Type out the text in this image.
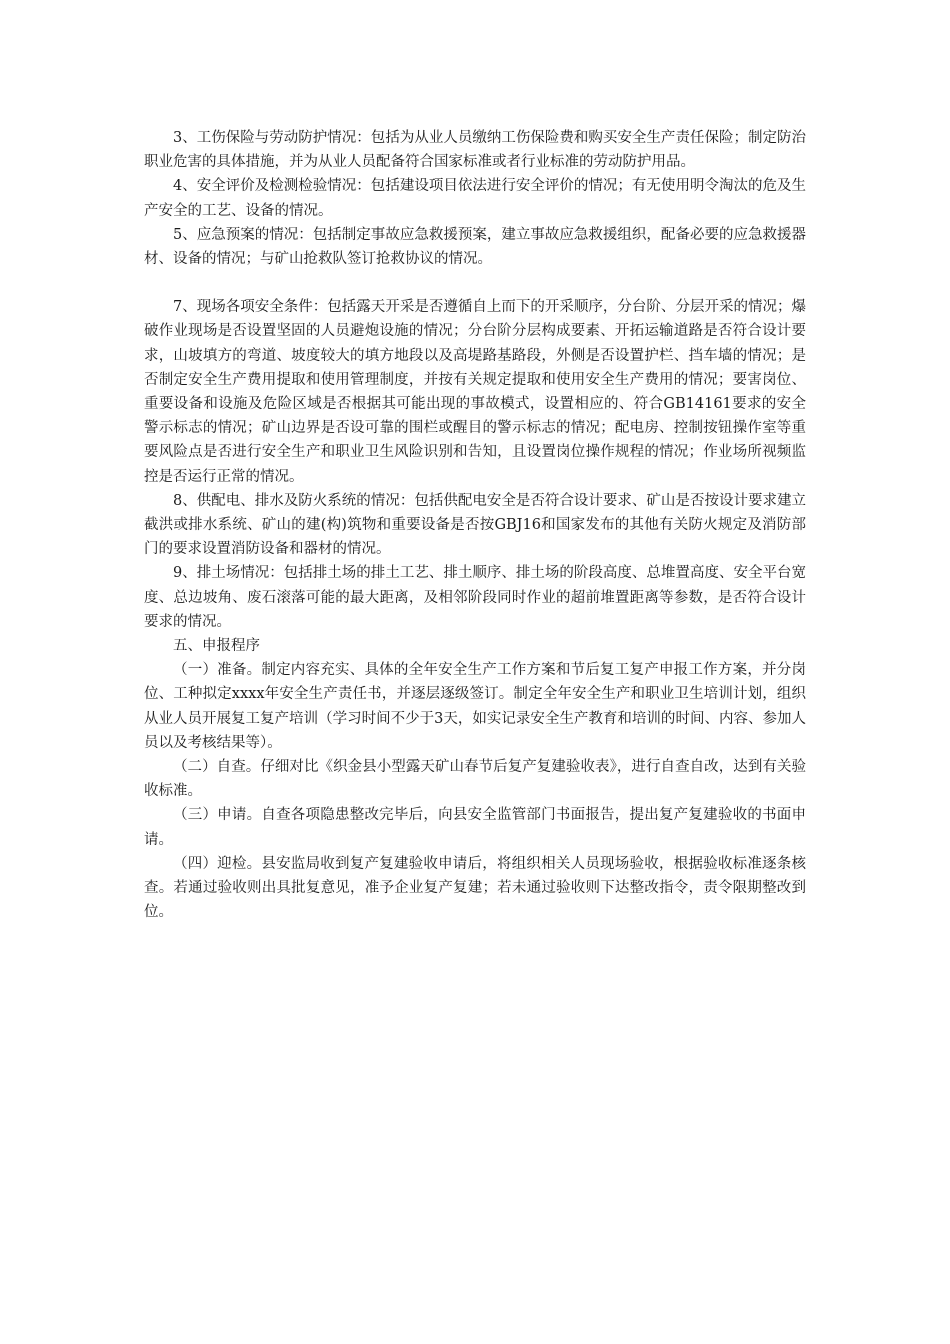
3、工伤保险与劳动防护情况：包括为从业人员缴纳工伤保险费和购买安全生产责任保险；制定防治职业危害的具体措施，并为从业人员配备符合国家标准或者行业标准的劳动防护用品。

4、安全评价及检测检验情况：包括建设项目依法进行安全评价的情况；有无使用明令淘汰的危及生产安全的工艺、设备的情况。

5、应急预案的情况：包括制定事故应急救援预案，建立事故应急救援组织，配备必要的应急救援器材、设备的情况；与矿山抢救队签订抢救协议的情况。

7、现场各项安全条件：包括露天开采是否遵循自上而下的开采顺序，分台阶、分层开采的情况；爆破作业现场是否设置坚固的人员避炮设施的情况；分台阶分层构成要素、开拓运输道路是否符合设计要求，山坡填方的弯道、坡度较大的填方地段以及高堤路基路段，外侧是否设置护栏、挡车墙的情况；是否制定安全生产费用提取和使用管理制度，并按有关规定提取和使用安全生产费用的情况；要害岗位、重要设备和设施及危险区域是否根据其可能出现的事故模式，设置相应的、符合GB14161要求的安全警示标志的情况；矿山边界是否设可靠的围栏或醒目的警示标志的情况；配电房、控制按钮操作室等重要风险点是否进行安全生产和职业卫生风险识别和告知，且设置岗位操作规程的情况；作业场所视频监控是否运行正常的情况。

8、供配电、排水及防火系统的情况：包括供配电安全是否符合设计要求、矿山是否按设计要求建立截洪或排水系统、矿山的建(构)筑物和重要设备是否按GBJ16和国家发布的其他有关防火规定及消防部门的要求设置消防设备和器材的情况。

9、排土场情况：包括排土场的排土工艺、排土顺序、排土场的阶段高度、总堆置高度、安全平台宽度、总边坡角、废石滚落可能的最大距离，及相邻阶段同时作业的超前堆置距离等参数，是否符合设计要求的情况。

五、申报程序

（一）准备。制定内容充实、具体的全年安全生产工作方案和节后复工复产申报工作方案，并分岗位、工种拟定xxxx年安全生产责任书，并逐层逐级签订。制定全年安全生产和职业卫生培训计划，组织从业人员开展复工复产培训（学习时间不少于3天，如实记录安全生产教育和培训的时间、内容、参加人员以及考核结果等）。

（二）自查。仔细对比《织金县小型露天矿山春节后复产复建验收表》，进行自查自改，达到有关验收标准。

（三）申请。自查各项隐患整改完毕后，向县安全监管部门书面报告，提出复产复建验收的书面申请。

（四）迎检。县安监局收到复产复建验收申请后，将组织相关人员现场验收，根据验收标准逐条核查。若通过验收则出具批复意见，准予企业复产复建；若未通过验收则下达整改指令，责令限期整改到位。
